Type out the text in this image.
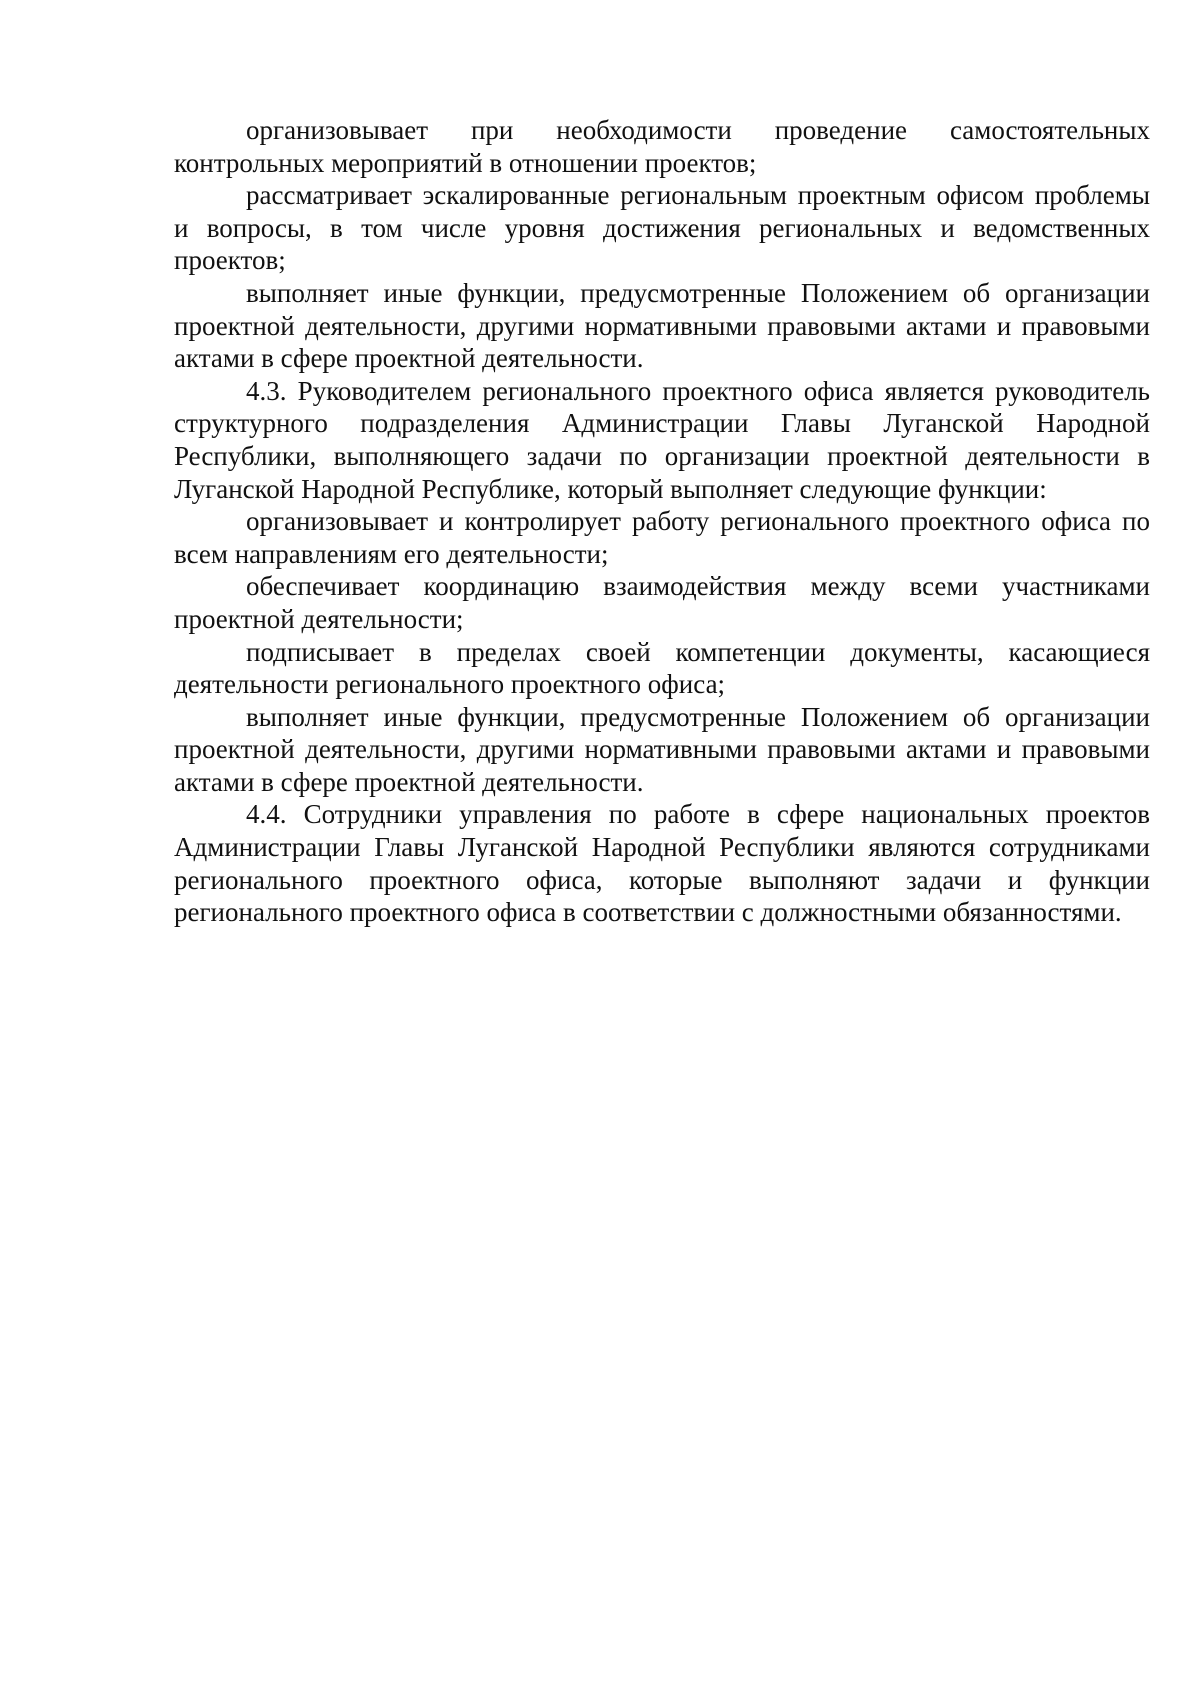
организовывает при необходимости проведение самостоятельных контрольных мероприятий в отношении проектов;

рассматривает эскалированные региональным проектным офисом проблемы и вопросы, в том числе уровня достижения региональных и ведомственных проектов;

выполняет иные функции, предусмотренные Положением об организации проектной деятельности, другими нормативными правовыми актами и правовыми актами в сфере проектной деятельности.

4.3. Руководителем регионального проектного офиса является руководитель структурного подразделения Администрации Главы Луганской Народной Республики, выполняющего задачи по организации проектной деятельности в Луганской Народной Республике, который выполняет следующие функции:

организовывает и контролирует работу регионального проектного офиса по всем направлениям его деятельности;

обеспечивает координацию взаимодействия между всеми участниками проектной деятельности;

подписывает в пределах своей компетенции документы, касающиеся деятельности регионального проектного офиса;

выполняет иные функции, предусмотренные Положением об организации проектной деятельности, другими нормативными правовыми актами и правовыми актами в сфере проектной деятельности.

4.4. Сотрудники управления по работе в сфере национальных проектов Администрации Главы Луганской Народной Республики являются сотрудниками регионального проектного офиса, которые выполняют задачи и функции регионального проектного офиса в соответствии с должностными обязанностями.
